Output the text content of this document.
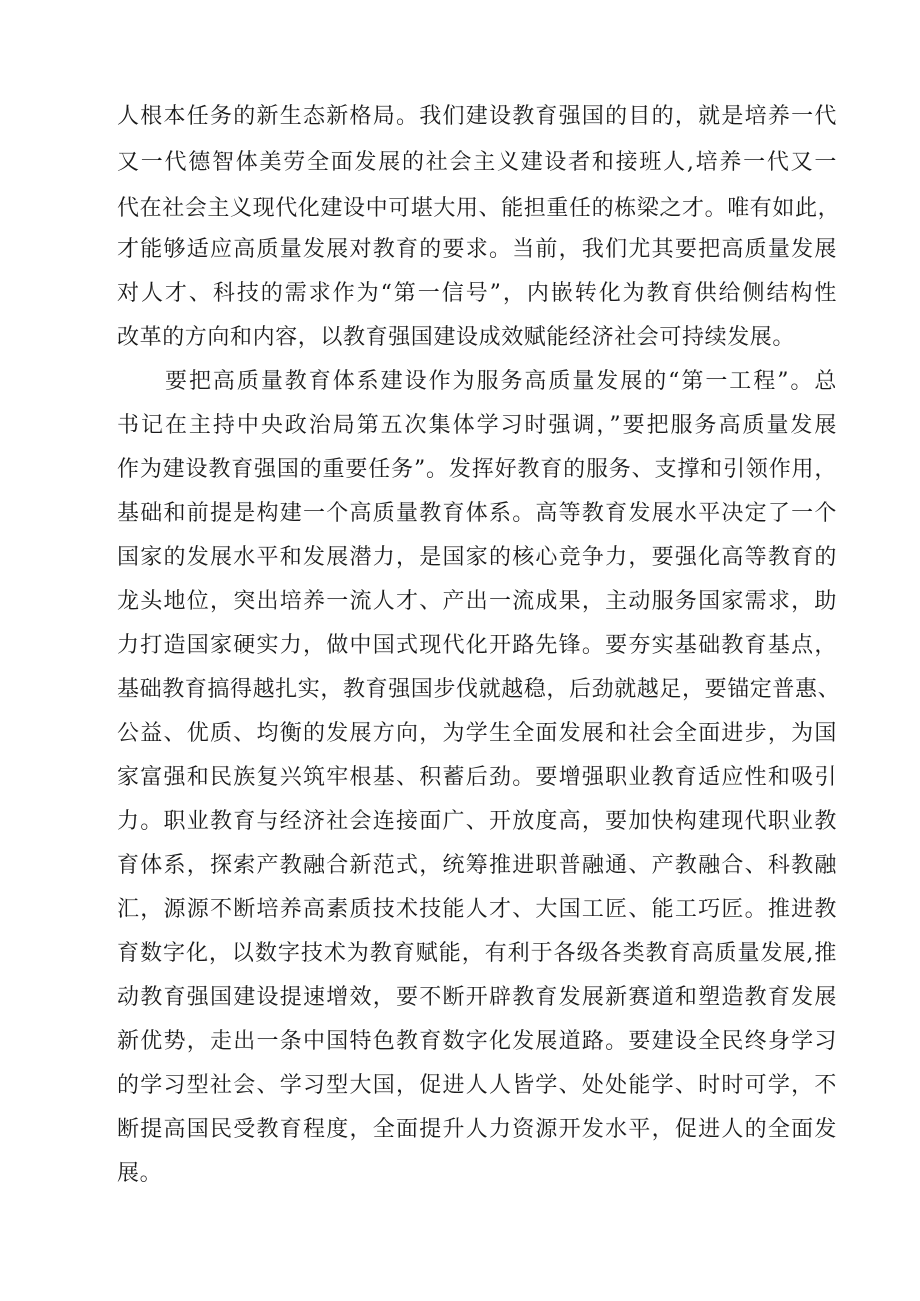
人根本任务的新生态新格局。我们建设教育强国的目的，就是培养一代
又一代德智体美劳全面发展的社会主义建设者和接班人,培养一代又一
代在社会主义现代化建设中可堪大用、能担重任的栋梁之才。唯有如此，
才能够适应高质量发展对教育的要求。当前，我们尤其要把高质量发展
对人才、科技的需求作为“第一信号”，内嵌转化为教育供给侧结构性
改革的方向和内容，以教育强国建设成效赋能经济社会可持续发展。
要把高质量教育体系建设作为服务高质量发展的“第一工程”。总
书记在主持中央政治局第五次集体学习时强调，”要把服务高质量发展
作为建设教育强国的重要任务”。发挥好教育的服务、支撑和引领作用，
基础和前提是构建一个高质量教育体系。高等教育发展水平决定了一个
国家的发展水平和发展潜力，是国家的核心竞争力，要强化高等教育的
龙头地位，突出培养一流人才、产出一流成果，主动服务国家需求，助
力打造国家硬实力，做中国式现代化开路先锋。要夯实基础教育基点，
基础教育搞得越扎实，教育强国步伐就越稳，后劲就越足，要锚定普惠、
公益、优质、均衡的发展方向，为学生全面发展和社会全面进步，为国
家富强和民族复兴筑牢根基、积蓄后劲。要增强职业教育适应性和吸引
力。职业教育与经济社会连接面广、开放度高，要加快构建现代职业教
育体系，探索产教融合新范式，统筹推进职普融通、产教融合、科教融
汇，源源不断培养高素质技术技能人才、大国工匠、能工巧匠。推进教
育数字化，以数字技术为教育赋能，有利于各级各类教育高质量发展,推
动教育强国建设提速增效，要不断开辟教育发展新赛道和塑造教育发展
新优势，走出一条中国特色教育数字化发展道路。要建设全民终身学习
的学习型社会、学习型大国，促进人人皆学、处处能学、时时可学，不
断提高国民受教育程度，全面提升人力资源开发水平，促进人的全面发
展。
